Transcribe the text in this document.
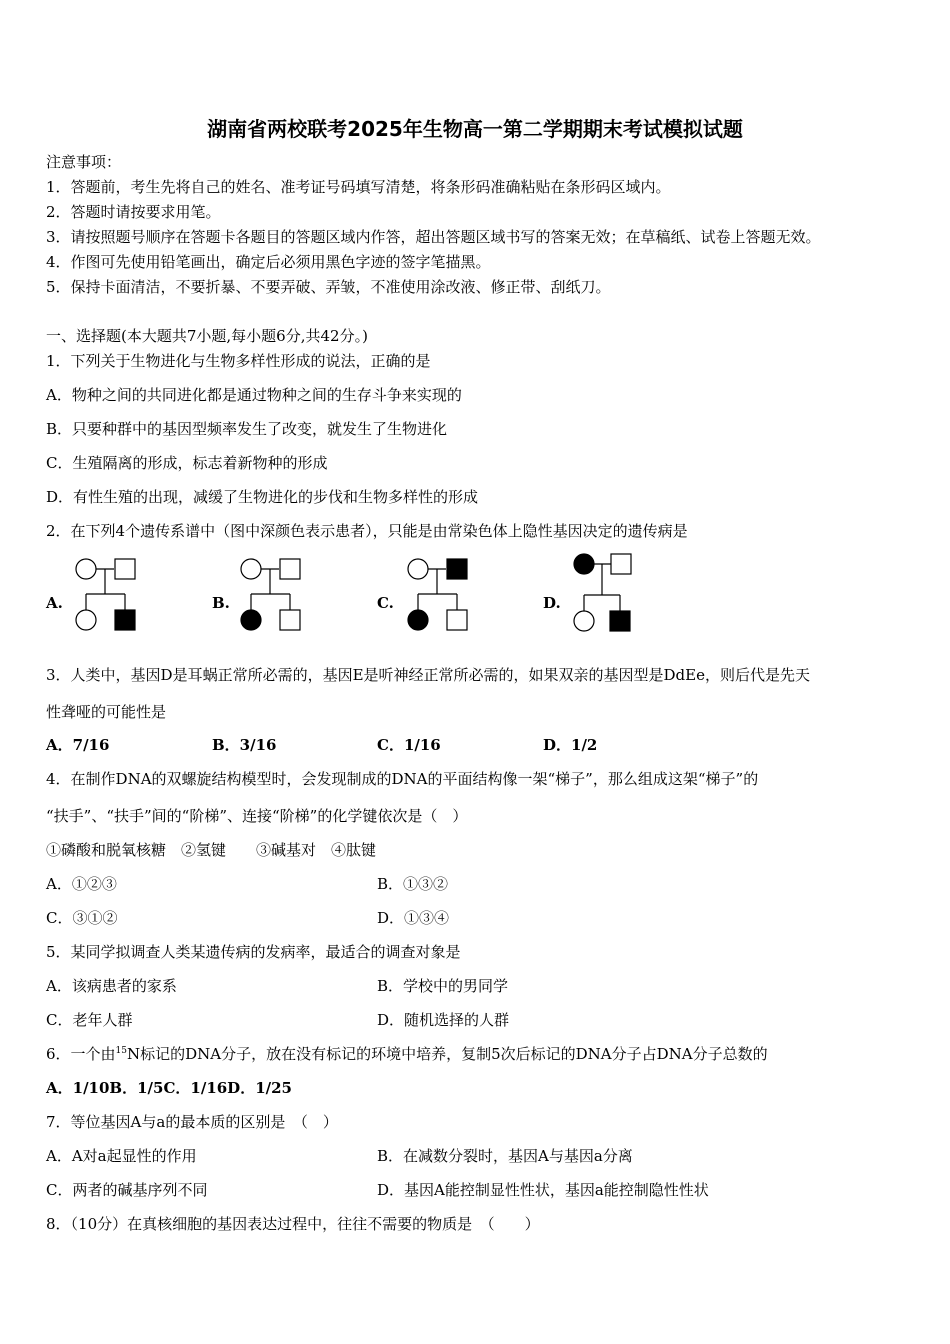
湖南省两校联考2025年生物高一第二学期期末考试模拟试题
注意事项：
1．答题前，考生先将自己的姓名、准考证号码填写清楚，将条形码准确粘贴在条形码区域内。
2．答题时请按要求用笔。
3．请按照题号顺序在答题卡各题目的答题区域内作答，超出答题区域书写的答案无效；在草稿纸、试卷上答题无效。
4．作图可先使用铅笔画出，确定后必须用黑色字迹的签字笔描黑。
5．保持卡面清洁，不要折暴、不要弄破、弄皱，不准使用涂改液、修正带、刮纸刀。
一、选择题(本大题共7小题,每小题6分,共42分。)
1．下列关于生物进化与生物多样性形成的说法，正确的是
A．物种之间的共同进化都是通过物种之间的生存斗争来实现的
B．只要种群中的基因型频率发生了改变，就发生了生物进化
C．生殖隔离的形成，标志着新物种的形成
D．有性生殖的出现，减缓了生物进化的步伐和生物多样性的形成
2．在下列4个遗传系谱中（图中深颜色表示患者），只能是由常染色体上隐性基因决定的遗传病是
A.	B.	C.	D.
3．人类中，基因D是耳蜗正常所必需的，基因E是听神经正常所必需的，如果双亲的基因型是DdEe，则后代是先天
性聋哑的可能性是
A．7/16	B．3/16	C．1/16	D．1/2
4．在制作DNA的双螺旋结构模型时，会发现制成的DNA的平面结构像一架“梯子”，那么组成这架“梯子”的
“扶手”、“扶手”间的“阶梯”、连接“阶梯”的化学键依次是（　）
①磷酸和脱氧核糖　②氢键　　③碱基对　④肽键
A．①②③	B．①③②
C．③①②	D．①③④
5．某同学拟调查人类某遗传病的发病率，最适合的调查对象是
A．该病患者的家系	B．学校中的男同学
C．老年人群	D．随机选择的人群
6．一个由$^{15}$N标记的DNA分子，放在没有标记的环境中培养，复制5次后标记的DNA分子占DNA分子总数的
A．1/10B．1/5C．1/16D．1/25
7．等位基因A与a的最本质的区别是　（　）
A．A对a起显性的作用	B．在减数分裂时，基因A与基因a分离
C．两者的碱基序列不同	D．基因A能控制显性性状，基因a能控制隐性性状
8．（10分）在真核细胞的基因表达过程中，往往不需要的物质是　（　　）
